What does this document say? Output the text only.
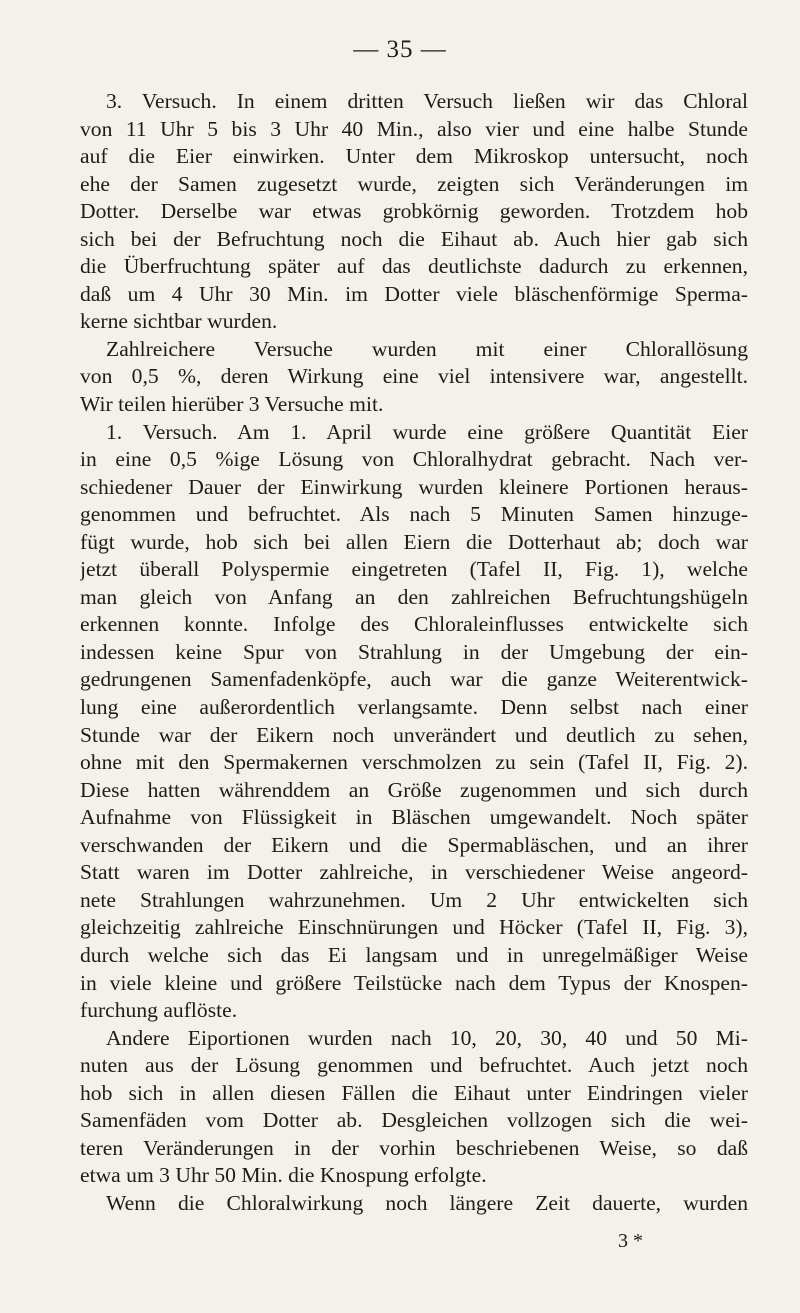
— 35 —
3. Versuch. In einem dritten Versuch ließen wir das Chloral
von 11 Uhr 5 bis 3 Uhr 40 Min., also vier und eine halbe Stunde
auf die Eier einwirken. Unter dem Mikroskop untersucht, noch
ehe der Samen zugesetzt wurde, zeigten sich Veränderungen im
Dotter. Derselbe war etwas grobkörnig geworden. Trotzdem hob
sich bei der Befruchtung noch die Eihaut ab. Auch hier gab sich
die Überfruchtung später auf das deutlichste dadurch zu erkennen,
daß um 4 Uhr 30 Min. im Dotter viele bläschenförmige Sperma-
kerne sichtbar wurden.
Zahlreichere Versuche wurden mit einer Chlorallösung
von 0,5 %, deren Wirkung eine viel intensivere war, angestellt.
Wir teilen hierüber 3 Versuche mit.
1. Versuch. Am 1. April wurde eine größere Quantität Eier
in eine 0,5 %ige Lösung von Chloralhydrat gebracht. Nach ver-
schiedener Dauer der Einwirkung wurden kleinere Portionen heraus-
genommen und befruchtet. Als nach 5 Minuten Samen hinzuge-
fügt wurde, hob sich bei allen Eiern die Dotterhaut ab; doch war
jetzt überall Polyspermie eingetreten (Tafel II, Fig. 1), welche
man gleich von Anfang an den zahlreichen Befruchtungshügeln
erkennen konnte. Infolge des Chloraleinflusses entwickelte sich
indessen keine Spur von Strahlung in der Umgebung der ein-
gedrungenen Samenfadenköpfe, auch war die ganze Weiterentwick-
lung eine außerordentlich verlangsamte. Denn selbst nach einer
Stunde war der Eikern noch unverändert und deutlich zu sehen,
ohne mit den Spermakernen verschmolzen zu sein (Tafel II, Fig. 2).
Diese hatten währenddem an Größe zugenommen und sich durch
Aufnahme von Flüssigkeit in Bläschen umgewandelt. Noch später
verschwanden der Eikern und die Spermabläschen, und an ihrer
Statt waren im Dotter zahlreiche, in verschiedener Weise angeord-
nete Strahlungen wahrzunehmen. Um 2 Uhr entwickelten sich
gleichzeitig zahlreiche Einschnürungen und Höcker (Tafel II, Fig. 3),
durch welche sich das Ei langsam und in unregelmäßiger Weise
in viele kleine und größere Teilstücke nach dem Typus der Knospen-
furchung auflöste.
Andere Eiportionen wurden nach 10, 20, 30, 40 und 50 Mi-
nuten aus der Lösung genommen und befruchtet. Auch jetzt noch
hob sich in allen diesen Fällen die Eihaut unter Eindringen vieler
Samenfäden vom Dotter ab. Desgleichen vollzogen sich die wei-
teren Veränderungen in der vorhin beschriebenen Weise, so daß
etwa um 3 Uhr 50 Min. die Knospung erfolgte.
Wenn die Chloralwirkung noch längere Zeit dauerte, wurden
3 *
